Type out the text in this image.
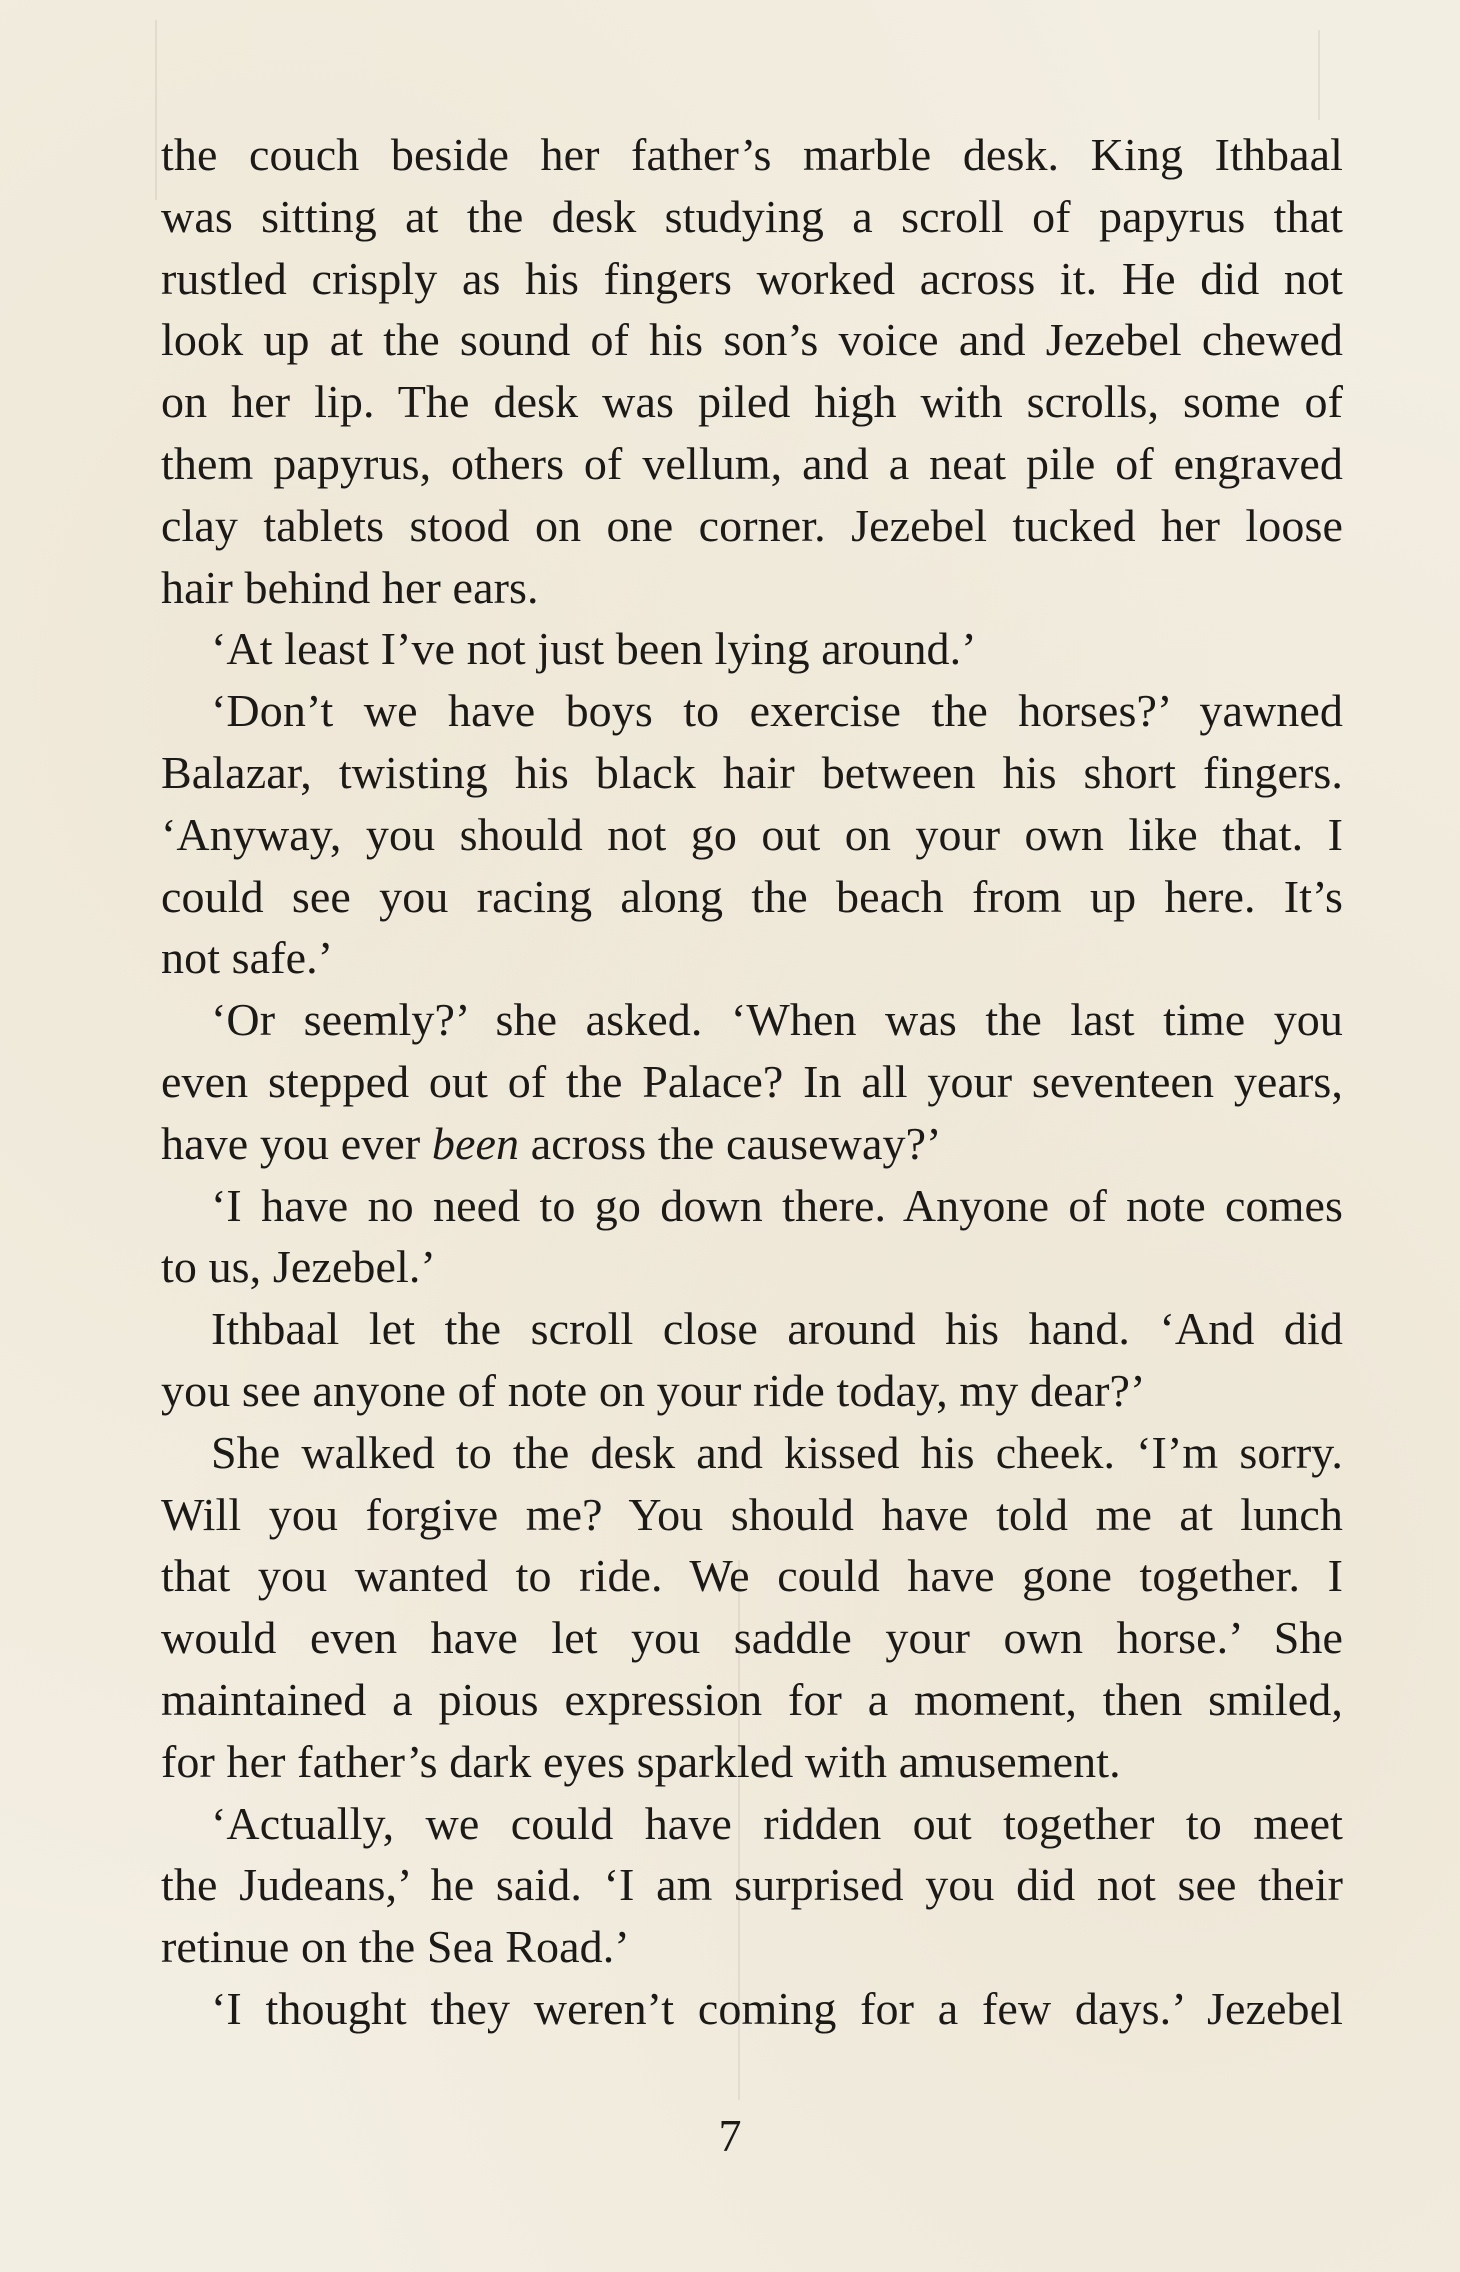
the couch beside her father’s marble desk. King Ithbaal
was sitting at the desk studying a scroll of papyrus that
rustled crisply as his fingers worked across it. He did not
look up at the sound of his son’s voice and Jezebel chewed
on her lip. The desk was piled high with scrolls, some of
them papyrus, others of vellum, and a neat pile of engraved
clay tablets stood on one corner. Jezebel tucked her loose
hair behind her ears.
‘At least I’ve not just been lying around.’
‘Don’t we have boys to exercise the horses?’ yawned
Balazar, twisting his black hair between his short fingers.
‘Anyway, you should not go out on your own like that. I
could see you racing along the beach from up here. It’s
not safe.’
‘Or seemly?’ she asked. ‘When was the last time you
even stepped out of the Palace? In all your seventeen years,
have you ever been across the causeway?’
‘I have no need to go down there. Anyone of note comes
to us, Jezebel.’
Ithbaal let the scroll close around his hand. ‘And did
you see anyone of note on your ride today, my dear?’
She walked to the desk and kissed his cheek. ‘I’m sorry.
Will you forgive me? You should have told me at lunch
that you wanted to ride. We could have gone together. I
would even have let you saddle your own horse.’ She
maintained a pious expression for a moment, then smiled,
for her father’s dark eyes sparkled with amusement.
‘Actually, we could have ridden out together to meet
the Judeans,’ he said. ‘I am surprised you did not see their
retinue on the Sea Road.’
‘I thought they weren’t coming for a few days.’ Jezebel
7
